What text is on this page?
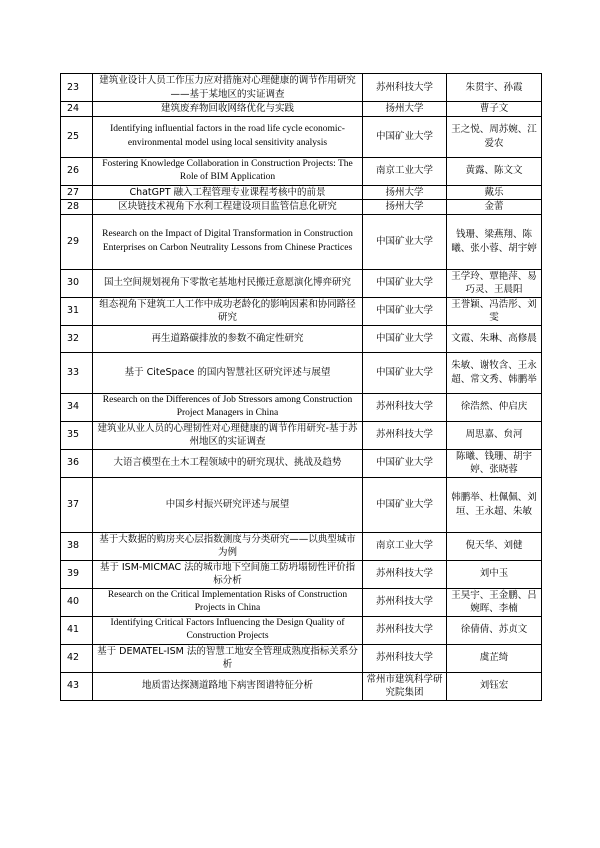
23	建筑业设计人员工作压力应对措施对心理健康的调节作用研究——基于某地区的实证调查	苏州科技大学	朱贯宇、孙霞
24	建筑废弃物回收网络优化与实践	扬州大学	曹子文
25	Identifying influential factors in the road life cycle economic-environmental model using local sensitivity analysis	中国矿业大学	王之悦、周苏婉、江爱农
26	Fostering Knowledge Collaboration in Construction Projects: The Role of BIM Application	南京工业大学	黄露、陈文文
27	ChatGPT 融入工程管理专业课程考核中的前景	扬州大学	戴乐
28	区块链技术视角下水利工程建设项目监管信息化研究	扬州大学	金蕾
29	Research on the Impact of Digital Transformation in Construction Enterprises on Carbon Neutrality Lessons from Chinese Practices	中国矿业大学	钱珊、梁燕翔、陈曦、张小蓉、胡宇婷
30	国土空间规划视角下零散宅基地村民搬迁意愿演化博弈研究	中国矿业大学	王学玲、覃艳萍、易巧灵、王晨阳
31	组态视角下建筑工人工作中成功老龄化的影响因素和协同路径研究	中国矿业大学	王誉颖、冯浩彤、刘雯
32	再生道路碳排放的参数不确定性研究	中国矿业大学	文霞、朱琳、高修晨
33	基于 CiteSpace 的国内智慧社区研究评述与展望	中国矿业大学	朱敏、谢牧含、王永超、常文秀、韩鹏举
34	Research on the Differences of Job Stressors among Construction Project Managers in China	苏州科技大学	徐浩然、仲启庆
35	建筑业从业人员的心理韧性对心理健康的调节作用研究-基于苏州地区的实证调查	苏州科技大学	周思嘉、贠河
36	大语言模型在土木工程领域中的研究现状、挑战及趋势	中国矿业大学	陈曦、钱珊、胡宇婷、张晓蓉
37	中国乡村振兴研究评述与展望	中国矿业大学	韩鹏举、杜佩佩、刘垣、王永超、朱敏
38	基于大数据的购房夹心层指数测度与分类研究——以典型城市为例	南京工业大学	倪天华、刘健
39	基于 ISM-MICMAC 法的城市地下空间施工防坍塌韧性评价指标分析	苏州科技大学	刘中玉
40	Research on the Critical Implementation Risks of Construction Projects in China	苏州科技大学	王昊宇、王金鹏、吕婉晖、李楠
41	Identifying Critical Factors Influencing the Design Quality of Construction Projects	苏州科技大学	徐倩倩、苏贞文
42	基于 DEMATEL-ISM 法的智慧工地安全管理成熟度指标关系分析	苏州科技大学	虞芷绮
43	地质雷达探测道路地下病害图谱特征分析	常州市建筑科学研究院集团	刘钰宏
